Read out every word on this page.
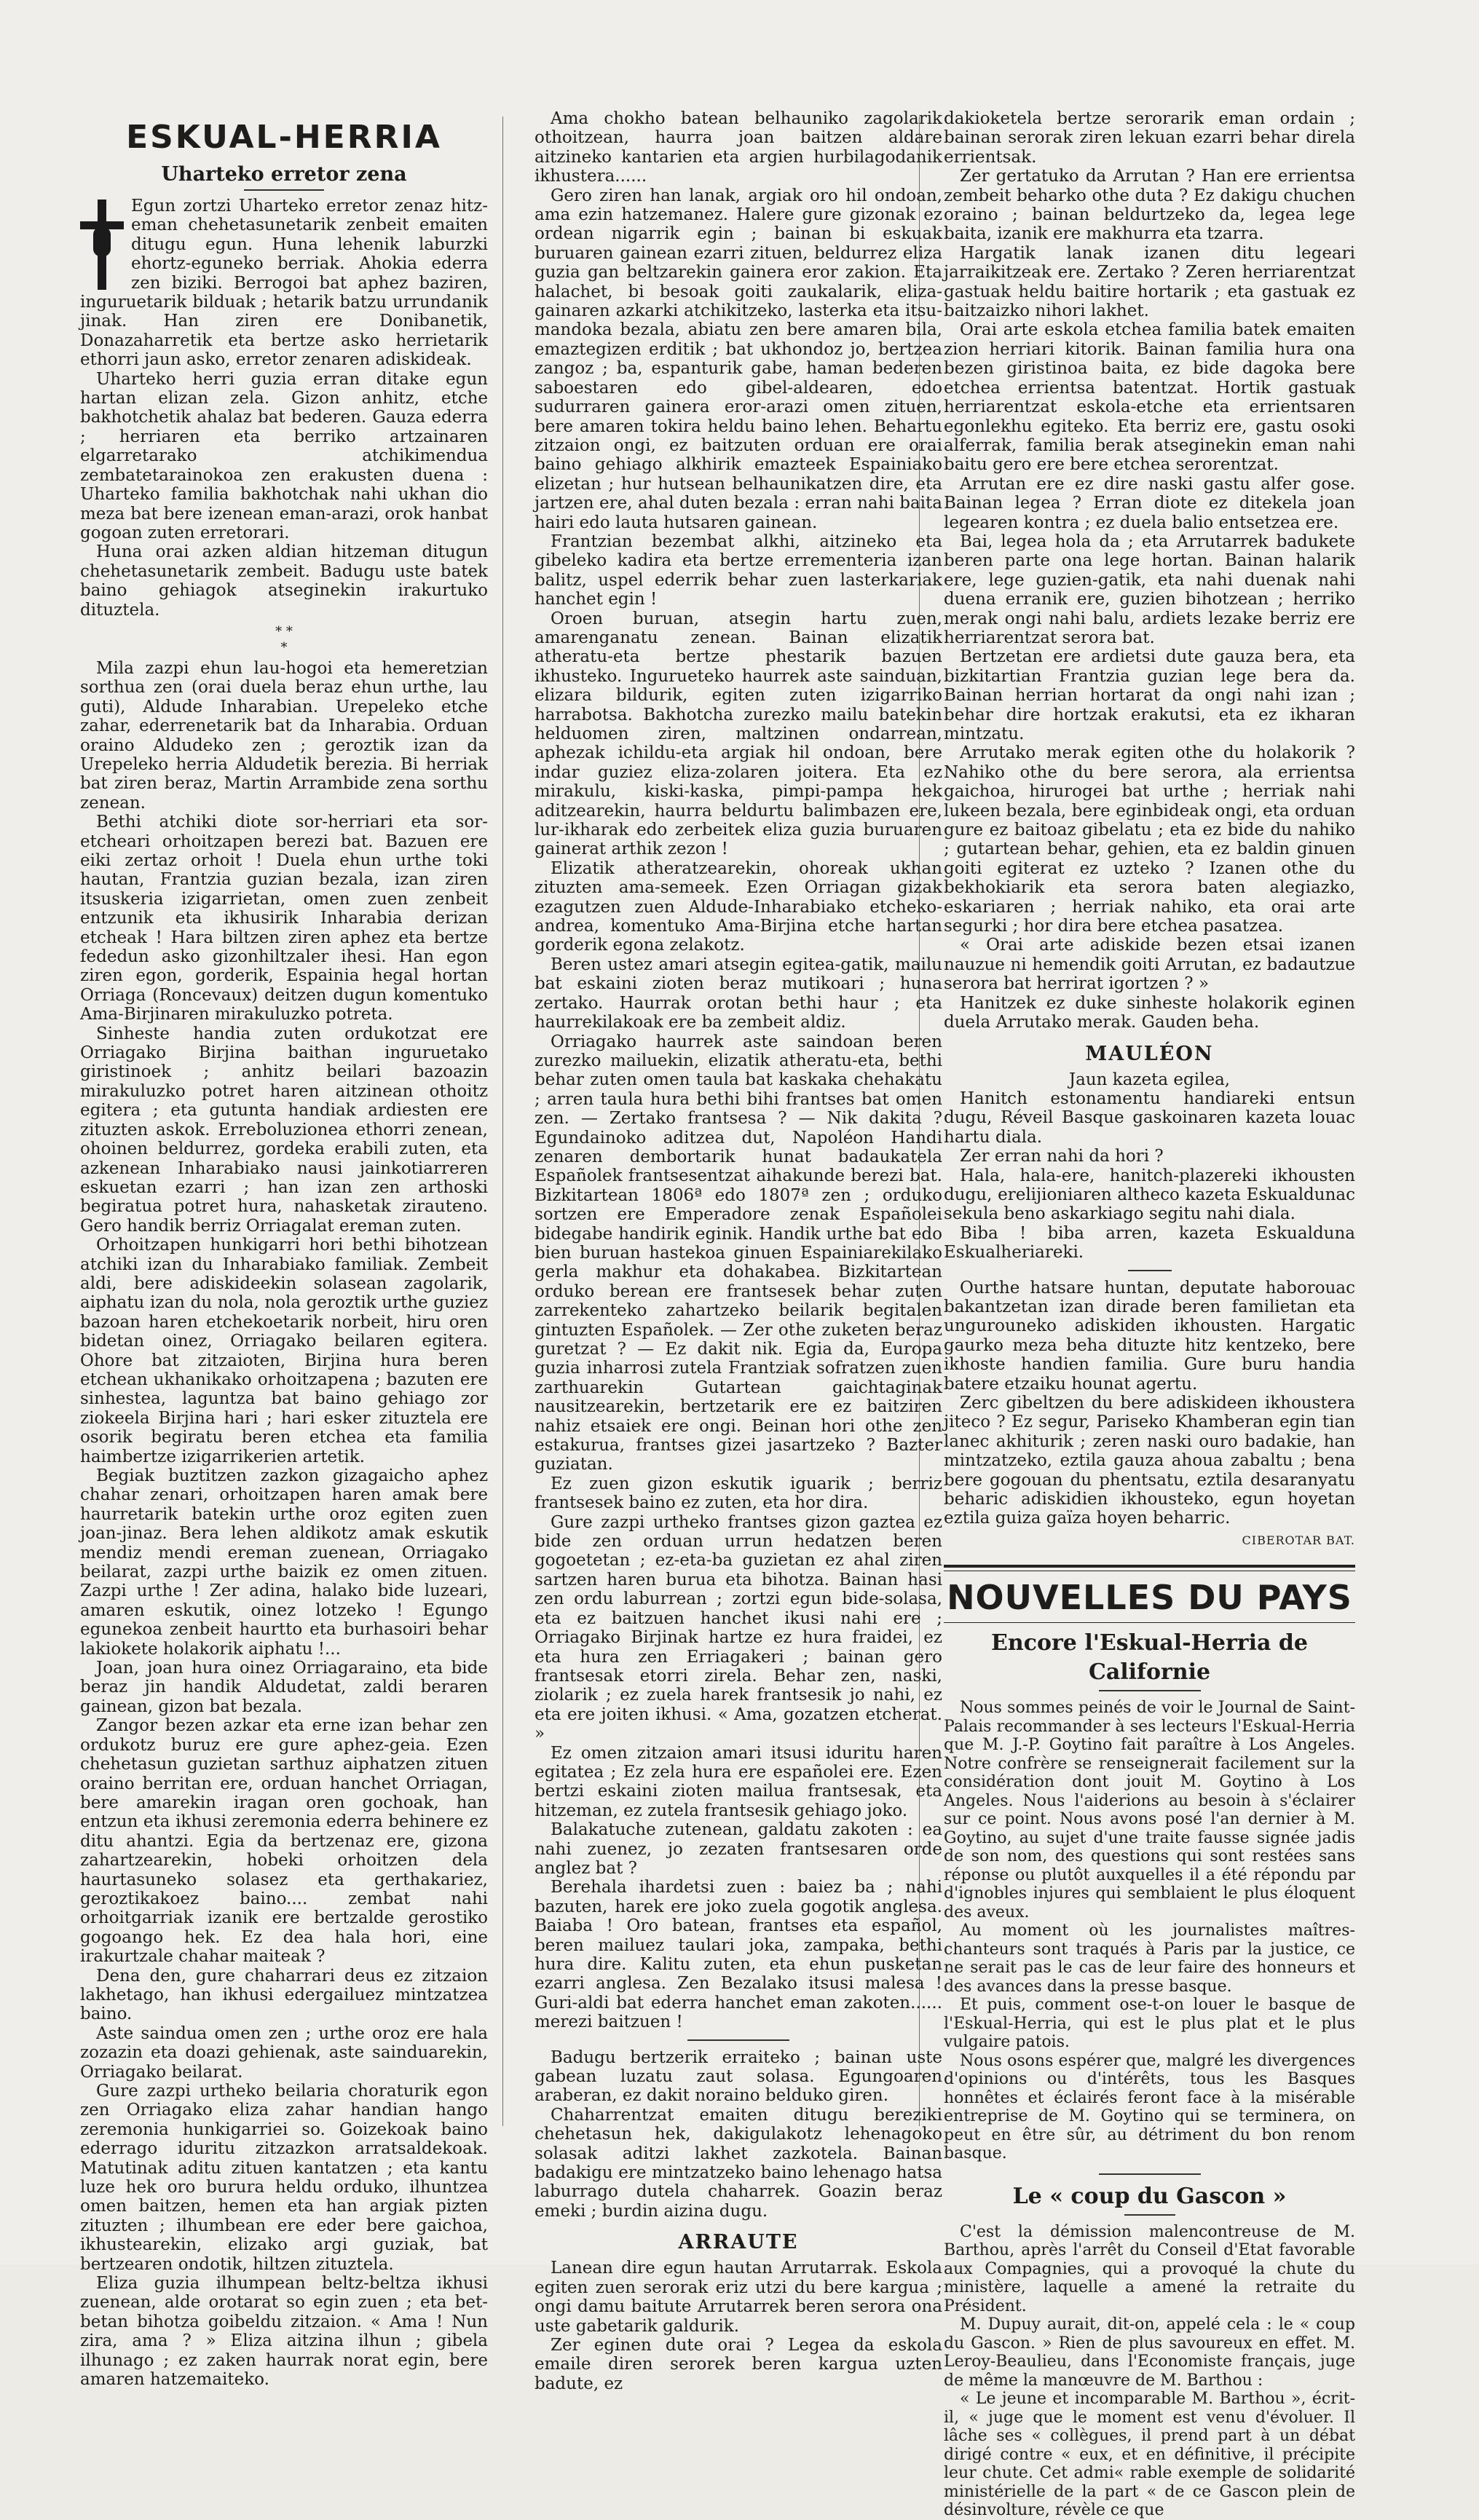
ESKUAL-HERRIA
Uharteko erretor zena

Egun zortzi Uharteko erretor zenaz hitz-eman chehetasunetarik zenbeit emaiten ditugu egun. Huna lehenik laburzki ehortz-eguneko berriak. Ahokia ederra zen biziki. Berrogoi bat aphez baziren, inguruetarik bilduak ; hetarik batzu urrundanik jinak. Han ziren ere Donibanetik, Donazaharretik eta bertze asko herrietarik ethorri jaun asko, erretor zenaren adiskideak.

Uharteko herri guzia erran ditake egun hartan elizan zela. Gizon anhitz, etche bakhotchetik ahalaz bat bederen. Gauza ederra ; herriaren eta berriko artzainaren elgarretarako atchikimendua zembatetarainokoa zen erakusten duena : Uharteko familia bakhotchak nahi ukhan dio meza bat bere izenean eman-arazi, orok hanbat gogoan zuten erretorari.

Huna orai azken aldian hitzeman ditugun chehetasunetarik zembeit. Badugu uste batek baino gehiagok atseginekin irakurtuko dituztela.

* *
*

Mila zazpi ehun lau-hogoi eta hemeretzian sorthua zen (orai duela beraz ehun urthe, lau guti), Aldude Inharabian. Urepeleko etche zahar, ederrenetarik bat da Inharabia. Orduan oraino Aldudeko zen ; geroztik izan da Urepeleko herria Aldudetik berezia. Bi herriak bat ziren beraz, Martin Arrambide zena sorthu zenean.

Bethi atchiki diote sor-herriari eta sor-etcheari orhoitzapen berezi bat. Bazuen ere eiki zertaz orhoit ! Duela ehun urthe toki hautan, Frantzia guzian bezala, izan ziren itsuskeria izigarrietan, omen zuen zenbeit entzunik eta ikhusirik Inharabia derizan etcheak ! Hara biltzen ziren aphez eta bertze fededun asko gizonhiltzaler ihesi. Han egon ziren egon, gorderik, Espainia hegal hortan Orriaga (Roncevaux) deitzen dugun komentuko Ama-Birjinaren mirakuluzko potreta.

Sinheste handia zuten ordukotzat ere Orriagako Birjina baithan inguruetako giristinoek ; anhitz beilari bazoazin mirakuluzko potret haren aitzinean othoitz egitera ; eta gutunta handiak ardiesten ere zituzten askok. Erreboluzionea ethorri zenean, ohoinen beldurrez, gordeka erabili zuten, eta azkenean Inharabiako nausi jainkotiarreren eskuetan ezarri ; han izan zen arthoski begiratua potret hura, nahasketak zirauteno. Gero handik berriz Orriagalat ereman zuten.

Orhoitzapen hunkigarri hori bethi bihotzean atchiki izan du Inharabiako familiak. Zembeit aldi, bere adiskideekin solasean zagolarik, aiphatu izan du nola, nola geroztik urthe guziez bazoan haren etchekoetarik norbeit, hiru oren bidetan oinez, Orriagako beilaren egitera. Ohore bat zitzaioten, Birjina hura beren etchean ukhanikako orhoitzapena ; bazuten ere sinhestea, laguntza bat baino gehiago zor ziokeela Birjina hari ; hari esker zituztela ere osorik begiratu beren etchea eta familia haimbertze izigarrikerien artetik.

Begiak buztitzen zazkon gizagaicho aphez chahar zenari, orhoitzapen haren amak bere haurretarik batekin urthe oroz egiten zuen joan-jinaz. Bera lehen aldikotz amak eskutik mendiz mendi ereman zuenean, Orriagako beilarat, zazpi urthe baizik ez omen zituen. Zazpi urthe ! Zer adina, halako bide luzeari, amaren eskutik, oinez lotzeko ! Egungo egunekoa zenbeit haurtto eta burhasoiri behar lakiokete holakorik aiphatu !...

Joan, joan hura oinez Orriagaraino, eta bide beraz jin handik Aldudetat, zaldi beraren gainean, gizon bat bezala.

Zangor bezen azkar eta erne izan behar zen ordukotz buruz ere gure aphez-geia. Ezen chehetasun guzietan sarthuz aiphatzen zituen oraino berritan ere, orduan hanchet Orriagan, bere amarekin iragan oren gochoak, han entzun eta ikhusi zeremonia ederra behinere ez ditu ahantzi. Egia da bertzenaz ere, gizona zahartzearekin, hobeki orhoitzen dela haurtasuneko solasez eta gerthakariez, geroztikakoez baino.... zembat nahi orhoitgarriak izanik ere bertzalde gerostiko gogoango hek. Ez dea hala hori, eine irakurtzale chahar maiteak ?

Dena den, gure chaharrari deus ez zitzaion lakhetago, han ikhusi edergailuez mintzatzea baino.

Aste saindua omen zen ; urthe oroz ere hala zozazin eta doazi gehienak, aste sainduarekin, Orriagako beilarat.

Gure zazpi urtheko beilaria choraturik egon zen Orriagako eliza zahar handian hango zeremonia hunkigarriei so. Goizekoak baino ederrago iduritu zitzazkon arratsaldekoak. Matutinak aditu zituen kantatzen ; eta kantu luze hek oro burura heldu orduko, ilhuntzea omen baitzen, hemen eta han argiak pizten zituzten ; ilhumbean ere eder bere gaichoa, ikhustearekin, elizako argi guziak, bat bertzearen ondotik, hiltzen zituztela.

Eliza guzia ilhumpean beltz-beltza ikhusi zuenean, alde orotarat so egin zuen ; eta bet-betan bihotza goibeldu zitzaion. « Ama ! Nun zira, ama ? » Eliza aitzina ilhun ; gibela ilhunago ; ez zaken haurrak norat egin, bere amaren hatzemaiteko.

Ama chokho batean belhauniko zagolarik othoitzean, haurra joan baitzen aldare aitzineko kantarien eta argien hurbilagodanik ikhustera......

Gero ziren han lanak, argiak oro hil ondoan, ama ezin hatzemanez. Halere gure gizonak ez ordean nigarrik egin ; bainan bi eskuak buruaren gainean ezarri zituen, beldurrez eliza guzia gan beltzarekin gainera eror zakion. Eta halachet, bi besoak goiti zaukalarik, eliza-gainaren azkarki atchikitzeko, lasterka eta itsu-mandoka bezala, abiatu zen bere amaren bila, emaztegizen erditik ; bat ukhondoz jo, bertzea zangoz ; ba, espanturik gabe, haman bederen saboestaren edo gibel-aldearen, edo sudurraren gainera eror-arazi omen zituen, bere amaren tokira heldu baino lehen. Behartu zitzaion ongi, ez baitzuten orduan ere orai baino gehiago alkhirik emazteek Espainiako elizetan ; hur hutsean belhaunikatzen dire, eta jartzen ere, ahal duten bezala : erran nahi baita hairi edo lauta hutsaren gainean.

Frantzian bezembat alkhi, aitzineko eta gibeleko kadira eta bertze errementeria izan balitz, uspel ederrik behar zuen lasterkariak hanchet egin !

Oroen buruan, atsegin hartu zuen, amarenganatu zenean. Bainan elizatik atheratu-eta bertze phestarik bazuen ikhusteko. Ingurueteko haurrek aste sainduan, elizara bildurik, egiten zuten izigarriko harrabotsa. Bakhotcha zurezko mailu batekin helduomen ziren, maltzinen ondarrean, aphezak ichildu-eta argiak hil ondoan, bere indar guziez eliza-zolaren joitera. Eta ez mirakulu, kiski-kaska, pimpi-pampa hek aditzearekin, haurra beldurtu balimbazen ere, lur-ikharak edo zerbeitek eliza guzia buruaren gainerat arthik zezon !

Elizatik atheratzearekin, ohoreak ukhan zituzten ama-semeek. Ezen Orriagan gizak ezagutzen zuen Aldude-Inharabiako etcheko-andrea, komentuko Ama-Birjina etche hartan gorderik egona zelakotz.

Beren ustez amari atsegin egitea-gatik, mailu bat eskaini zioten beraz mutikoari ; huna zertako. Haurrak orotan bethi haur ; eta haurrekilakoak ere ba zembeit aldiz.

Orriagako haurrek aste saindoan beren zurezko mailuekin, elizatik atheratu-eta, bethi behar zuten omen taula bat kaskaka chehakatu ; arren taula hura bethi bihi frantses bat omen zen. — Zertako frantsesa ? — Nik dakita ? Egundainoko aditzea dut, Napoléon Handi zenaren dembortarik hunat badaukatela Españolek frantsesentzat aihakunde berezi bat. Bizkitartean 1806ª edo 1807ª zen ; orduko sortzen ere Emperadore zenak Españolei bidegabe handirik eginik. Handik urthe bat edo bien buruan hastekoa ginuen Espainiarekilako gerla makhur eta dohakabea. Bizkitartean orduko berean ere frantsesek behar zuten zarrekenteko zahartzeko beilarik begitalen gintuzten Españolek. — Zer othe zuketen beraz guretzat ? — Ez dakit nik. Egia da, Europa guzia inharrosi zutela Frantziak sofratzen zuen zarthuarekin Gutartean gaichtaginak nausitzearekin, bertzetarik ere ez baitziren nahiz etsaiek ere ongi. Beinan hori othe zen estakurua, frantses gizei jasartzeko ? Bazter guziatan.

Ez zuen gizon eskutik iguarik ; berriz frantsesek baino ez zuten, eta hor dira.

Gure zazpi urtheko frantses gizon gaztea ez bide zen orduan urrun hedatzen beren gogoetetan ; ez-eta-ba guzietan ez ahal ziren sartzen haren burua eta bihotza. Bainan hasi zen ordu laburrean ; zortzi egun bide-solasa, eta ez baitzuen hanchet ikusi nahi ere ; Orriagako Birjinak hartze ez hura fraidei, ez eta hura zen Erriagakeri ; bainan gero frantsesak etorri zirela. Behar zen, naski, ziolarik ; ez zuela harek frantsesik jo nahi, ez eta ere joiten ikhusi. « Ama, gozatzen etcherat. »

Ez omen zitzaion amari itsusi iduritu haren egitatea ; Ez zela hura ere españolei ere. Ezen bertzi eskaini zioten mailua frantsesak, eta hitzeman, ez zutela frantsesik gehiago joko.

Balakatuche zutenean, galdatu zakoten : ea nahi zuenez, jo zezaten frantsesaren orde anglez bat ?

Berehala ihardetsi zuen : baiez ba ; nahi bazuten, harek ere joko zuela gogotik anglesa. Baiaba ! Oro batean, frantses eta español, beren mailuez taulari joka, zampaka, bethi hura dire. Kalitu zuten, eta ehun pusketan ezarri anglesa. Zen Bezalako itsusi malesa ! Guri-aldi bat ederra hanchet eman zakoten...... merezi baitzuen !

Badugu bertzerik erraiteko ; bainan uste gabean luzatu zaut solasa. Egungoaren araberan, ez dakit noraino belduko giren.

Chaharrentzat emaiten ditugu bereziki chehetasun hek, dakigulakotz lehenagoko solasak aditzi lakhet zazkotela. Bainan badakigu ere mintzatzeko baino lehenago hatsa laburrago dutela chaharrek. Goazin beraz emeki ; burdin aizina dugu.

ARRAUTE

Lanean dire egun hautan Arrutarrak. Eskola egiten zuen serorak eriz utzi du bere kargua ; ongi damu baitute Arrutarrek beren serora ona uste gabetarik galdurik.

Zer eginen dute orai ? Legea da eskola emaile diren serorek beren kargua uzten badute, ez

dakioketela bertze serorarik eman ordain ; bainan serorak ziren lekuan ezarri behar direla errientsak.

Zer gertatuko da Arrutan ? Han ere errientsa zembeit beharko othe duta ? Ez dakigu chuchen oraino ; bainan beldurtzeko da, legea lege baita, izanik ere makhurra eta tzarra.

Hargatik lanak izanen ditu legeari jarraikitzeak ere. Zertako ? Zeren herriarentzat gastuak heldu baitire hortarik ; eta gastuak ez baitzaizko nihori lakhet.

Orai arte eskola etchea familia batek emaiten zion herriari kitorik. Bainan familia hura ona bezen giristinoa baita, ez bide dagoka bere etchea errientsa batentzat. Hortik gastuak herriarentzat eskola-etche eta errientsaren egonlekhu egiteko. Eta berriz ere, gastu osoki alferrak, familia berak atseginekin eman nahi baitu gero ere bere etchea serorentzat.

Arrutan ere ez dire naski gastu alfer gose. Bainan legea ? Erran diote ez ditekela joan legearen kontra ; ez duela balio entsetzea ere.

Bai, legea hola da ; eta Arrutarrek badukete beren parte ona lege hortan. Bainan halarik ere, lege guzien-gatik, eta nahi duenak nahi duena erranik ere, guzien bihotzean ; herriko merak ongi nahi balu, ardiets lezake berriz ere herriarentzat serora bat.

Bertzetan ere ardietsi dute gauza bera, eta bizkitartian Frantzia guzian lege bera da. Bainan herrian hortarat da ongi nahi izan ; behar dire hortzak erakutsi, eta ez ikharan mintzatu.

Arrutako merak egiten othe du holakorik ? Nahiko othe du bere serora, ala errientsa gaichoa, hirurogei bat urthe ; herriak nahi lukeen bezala, bere eginbideak ongi, eta orduan gure ez baitoaz gibelatu ; eta ez bide du nahiko ; gutartean behar, gehien, eta ez baldin ginuen goiti egiterat ez uzteko ? Izanen othe du bekhokiarik eta serora baten alegiazko, eskariaren ; herriak nahiko, eta orai arte segurki ; hor dira bere etchea pasatzea.

« Orai arte adiskide bezen etsai izanen nauzue ni hemendik goiti Arrutan, ez badautzue serora bat herrirat igortzen ? »

Hanitzek ez duke sinheste holakorik eginen duela Arrutako merak. Gauden beha.

MAULÉON
Jaun kazeta egilea,

Hanitch estonamentu handiareki entsun dugu, Réveil Basque gaskoinaren kazeta louac hartu diala.

Zer erran nahi da hori ?

Hala, hala-ere, hanitch-plazereki ikhousten dugu, erelijioniaren altheco kazeta Eskualdunac sekula beno askarkiago segitu nahi diala.

Biba ! biba arren, kazeta Eskualduna Eskualheriareki.

Ourthe hatsare huntan, deputate haborouac bakantzetan izan dirade beren familietan eta ungurouneko adiskiden ikhousten. Hargatic gaurko meza beha dituzte hitz kentzeko, bere ikhoste handien familia. Gure buru handia batere etzaiku hounat agertu.

Zerc gibeltzen du bere adiskideen ikhoustera jiteco ? Ez segur, Pariseko Khamberan egin tian lanec akhiturik ; zeren naski ouro badakie, han mintzatzeko, eztila gauza ahoua zabaltu ; bena bere gogouan du phentsatu, eztila desaranyatu beharic adiskidien ikhousteko, egun hoyetan eztila guiza gaïza hoyen beharric.

CIBEROTAR BAT.
NOUVELLES DU PAYS
Encore l'Eskual-Herria de Californie

Nous sommes peinés de voir le Journal de Saint-Palais recommander à ses lecteurs l'Eskual-Herria que M. J.-P. Goytino fait paraître à Los Angeles. Notre confrère se renseignerait facilement sur la considération dont jouit M. Goytino à Los Angeles. Nous l'aiderions au besoin à s'éclairer sur ce point. Nous avons posé l'an dernier à M. Goytino, au sujet d'une traite fausse signée jadis de son nom, des questions qui sont restées sans réponse ou plutôt auxquelles il a été répondu par d'ignobles injures qui semblaient le plus éloquent des aveux.

Au moment où les journalistes maîtres-chanteurs sont traqués à Paris par la justice, ce ne serait pas le cas de leur faire des honneurs et des avances dans la presse basque.

Et puis, comment ose-t-on louer le basque de l'Eskual-Herria, qui est le plus plat et le plus vulgaire patois.

Nous osons espérer que, malgré les divergences d'opinions ou d'intérêts, tous les Basques honnêtes et éclairés feront face à la misérable entreprise de M. Goytino qui se terminera, on peut en être sûr, au détriment du bon renom basque.

Le « coup du Gascon »

C'est la démission malencontreuse de M. Barthou, après l'arrêt du Conseil d'Etat favorable aux Compagnies, qui a provoqué la chute du ministère, laquelle a amené la retraite du Président.

M. Dupuy aurait, dit-on, appelé cela : le « coup du Gascon. » Rien de plus savoureux en effet. M. Leroy-Beaulieu, dans l'Economiste français, juge de même la manœuvre de M. Barthou :

« Le jeune et incomparable M. Barthou », écrit-il, « juge que le moment est venu d'évoluer. Il lâche ses « collègues, il prend part à un débat dirigé contre « eux, et en définitive, il précipite leur chute. Cet admi« rable exemple de solidarité ministérielle de la part « de ce Gascon plein de désinvolture, révèle ce que
